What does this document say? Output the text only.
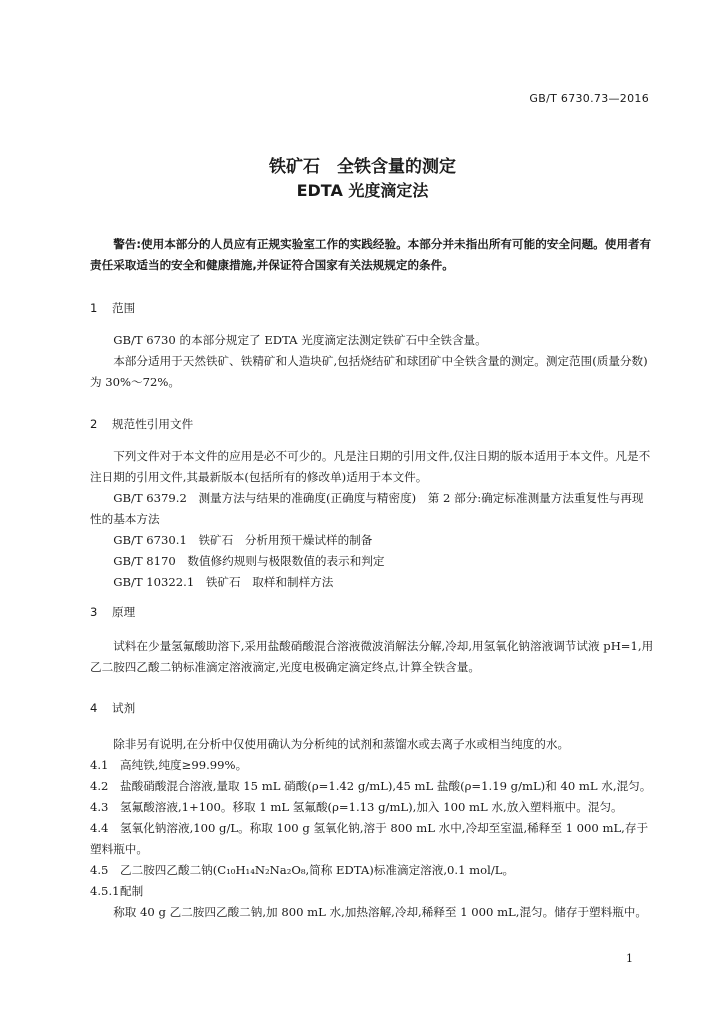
GB/T 6730.73—2016
铁矿石　全铁含量的测定
EDTA 光度滴定法

警告:使用本部分的人员应有正规实验室工作的实践经验。本部分并未指出所有可能的安全问题。使用者有责任采取适当的安全和健康措施,并保证符合国家有关法规规定的条件。

1 范围

GB/T 6730 的本部分规定了 EDTA 光度滴定法测定铁矿石中全铁含量。

本部分适用于天然铁矿、铁精矿和人造块矿,包括烧结矿和球团矿中全铁含量的测定。测定范围(质量分数)为 30%～72%。

2 规范性引用文件

下列文件对于本文件的应用是必不可少的。凡是注日期的引用文件,仅注日期的版本适用于本文件。凡是不注日期的引用文件,其最新版本(包括所有的修改单)适用于本文件。

GB/T 6379.2　测量方法与结果的准确度(正确度与精密度)　第 2 部分:确定标准测量方法重复性与再现性的基本方法

GB/T 6730.1　铁矿石　分析用预干燥试样的制备

GB/T 8170　数值修约规则与极限数值的表示和判定

GB/T 10322.1　铁矿石　取样和制样方法

3 原理

试料在少量氢氟酸助溶下,采用盐酸硝酸混合溶液微波消解法分解,冷却,用氢氧化钠溶液调节试液 pH=1,用乙二胺四乙酸二钠标准滴定溶液滴定,光度电极确定滴定终点,计算全铁含量。

4 试剂

除非另有说明,在分析中仅使用确认为分析纯的试剂和蒸馏水或去离子水或相当纯度的水。

4.1 高纯铁,纯度≥99.99%。

4.2 盐酸硝酸混合溶液,量取 15 mL 硝酸(ρ=1.42 g/mL),45 mL 盐酸(ρ=1.19 g/mL)和 40 mL 水,混匀。

4.3 氢氟酸溶液,1+100。移取 1 mL 氢氟酸(ρ=1.13 g/mL),加入 100 mL 水,放入塑料瓶中。混匀。

4.4 氢氧化钠溶液,100 g/L。称取 100 g 氢氧化钠,溶于 800 mL 水中,冷却至室温,稀释至 1 000 mL,存于塑料瓶中。

4.5 乙二胺四乙酸二钠(C₁₀H₁₄N₂Na₂O₈,简称 EDTA)标准滴定溶液,0.1 mol/L。

4.5.1配制

称取 40 g 乙二胺四乙酸二钠,加 800 mL 水,加热溶解,冷却,稀释至 1 000 mL,混匀。储存于塑料瓶中。

1
